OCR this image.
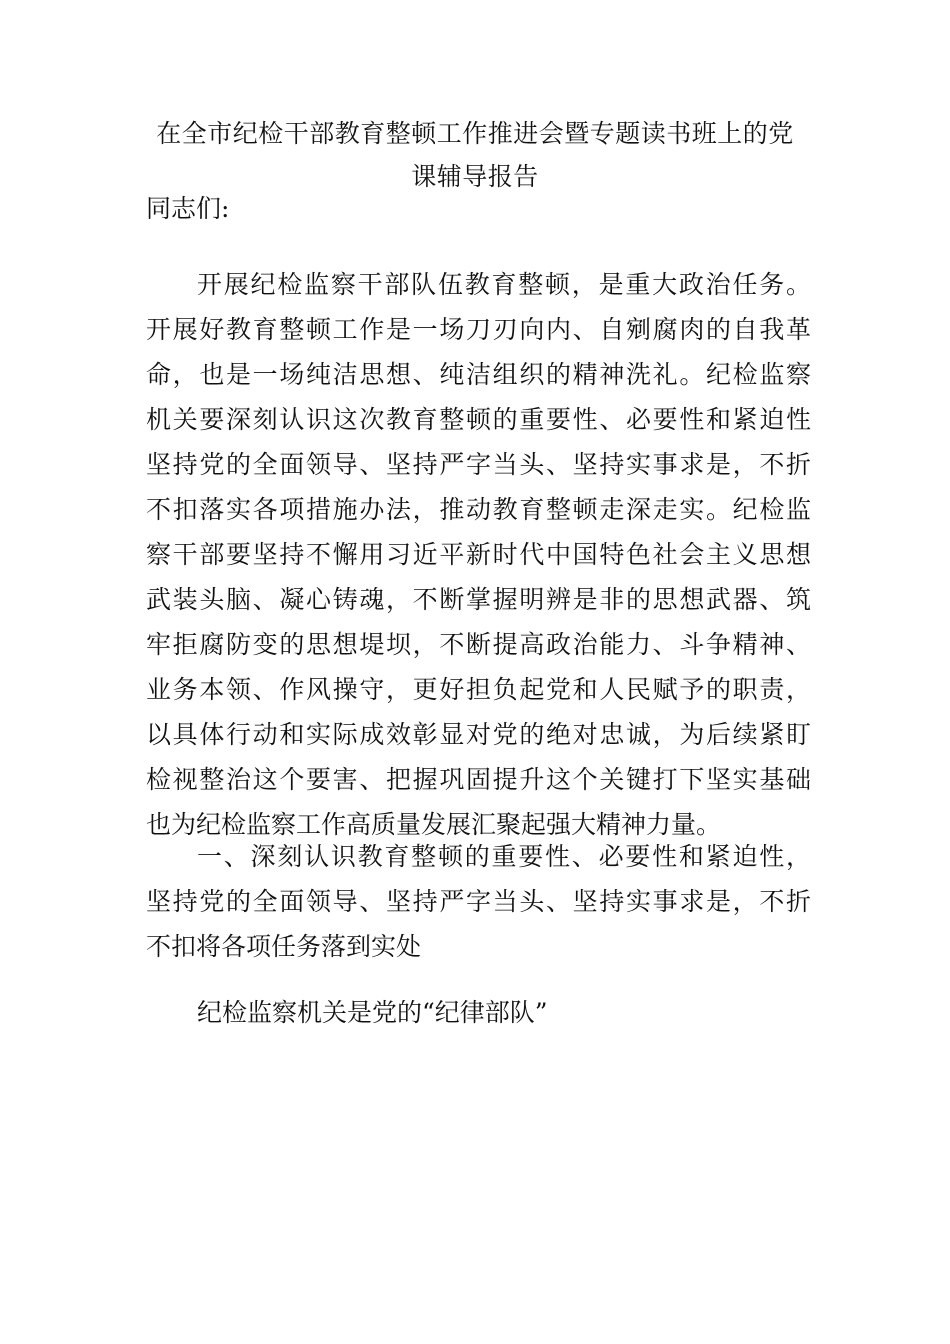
在全市纪检干部教育整顿工作推进会暨专题读书班上的党
课辅导报告
同志们:
开展纪检监察干部队伍教育整顿，是重大政治任务。
开展好教育整顿工作是一场刀刃向内、自剜腐肉的自我革
命，也是一场纯洁思想、纯洁组织的精神洗礼。纪检监察
机关要深刻认识这次教育整顿的重要性、必要性和紧迫性
坚持党的全面领导、坚持严字当头、坚持实事求是，不折
不扣落实各项措施办法，推动教育整顿走深走实。纪检监
察干部要坚持不懈用习近平新时代中国特色社会主义思想
武装头脑、凝心铸魂，不断掌握明辨是非的思想武器、筑
牢拒腐防变的思想堤坝，不断提高政治能力、斗争精神、
业务本领、作风操守，更好担负起党和人民赋予的职责，
以具体行动和实际成效彰显对党的绝对忠诚，为后续紧盯
检视整治这个要害、把握巩固提升这个关键打下坚实基础
也为纪检监察工作高质量发展汇聚起强大精神力量。
一、深刻认识教育整顿的重要性、必要性和紧迫性，
坚持党的全面领导、坚持严字当头、坚持实事求是，不折
不扣将各项任务落到实处
纪检监察机关是党的“纪律部队”
